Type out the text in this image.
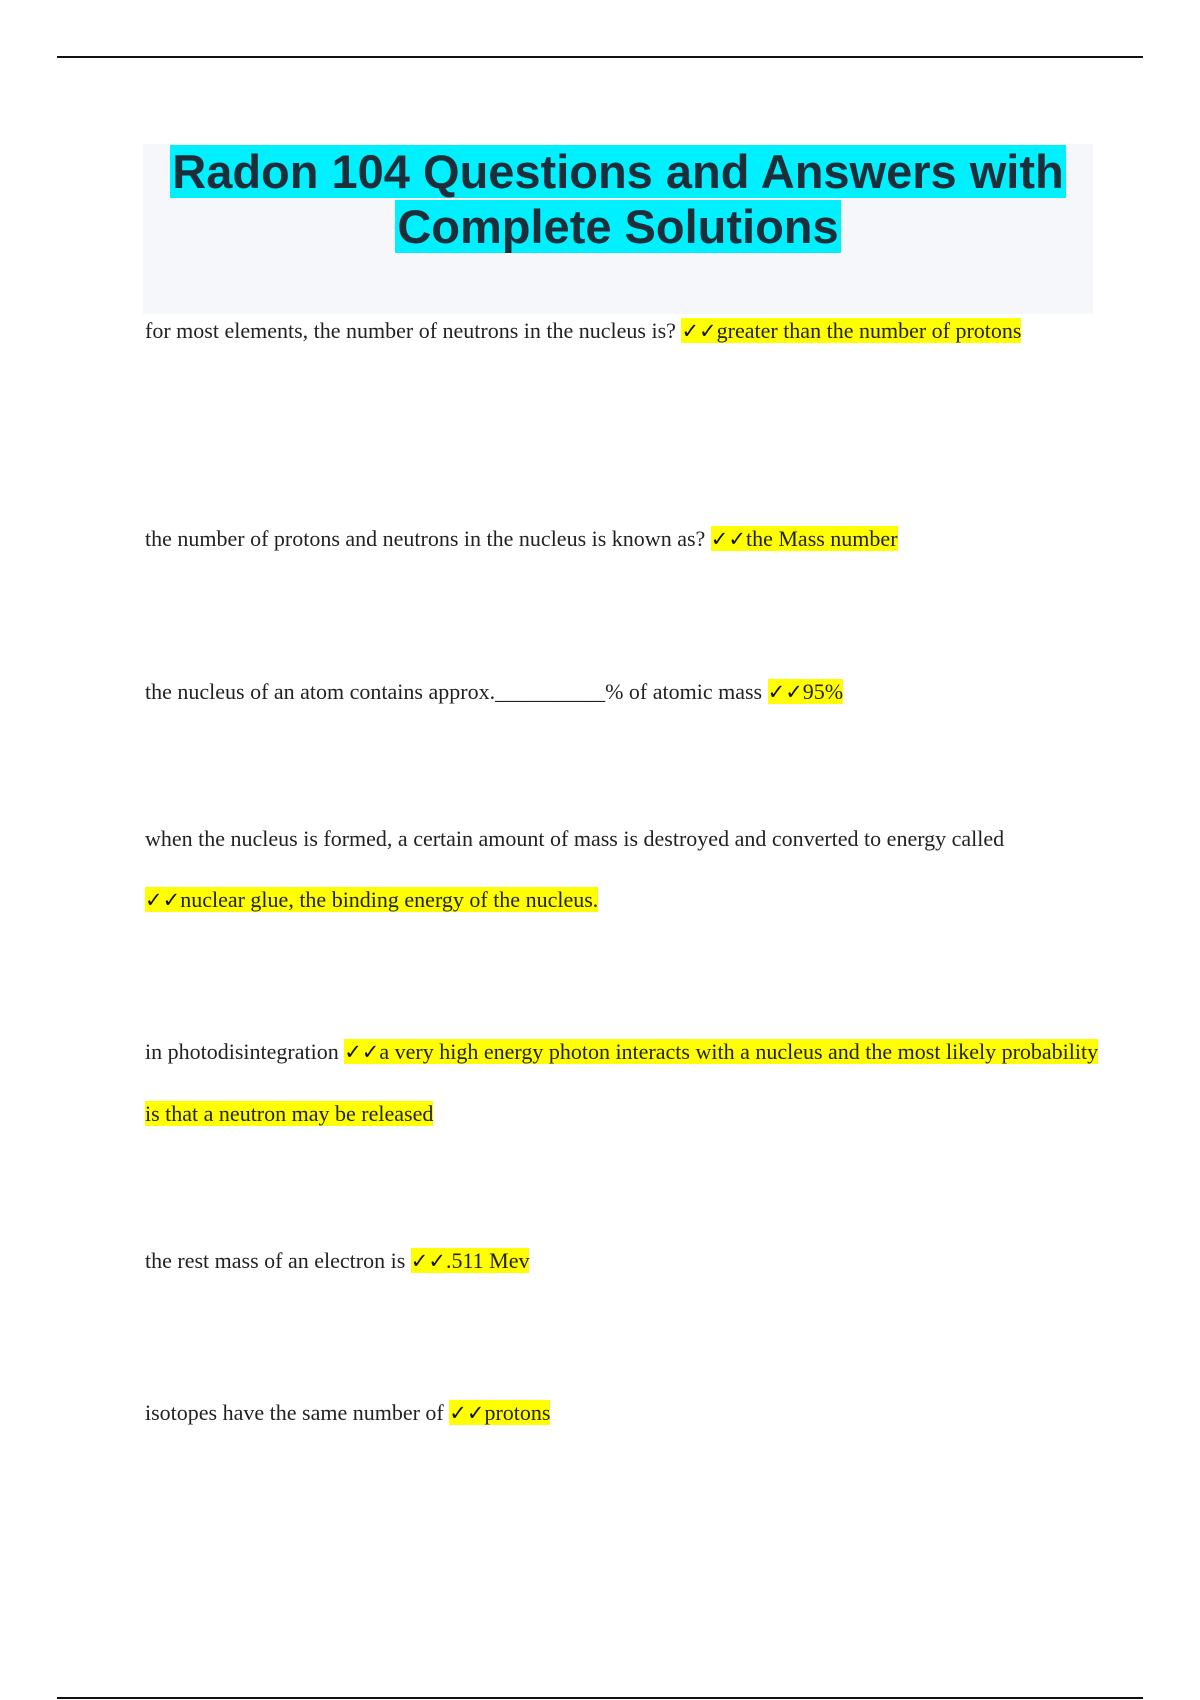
Radon 104 Questions and Answers with
Complete Solutions

for most elements, the number of neutrons in the nucleus is? ✓✓greater than the number of protons

the number of protons and neutrons in the nucleus is known as? ✓✓the Mass number

the nucleus of an atom contains approx.__________% of atomic mass ✓✓95%

when the nucleus is formed, a certain amount of mass is destroyed and converted to energy called ✓✓nuclear glue, the binding energy of the nucleus.

in photodisintegration ✓✓a very high energy photon interacts with a nucleus and the most likely probability is that a neutron may be released

the rest mass of an electron is ✓✓.511 Mev

isotopes have the same number of ✓✓protons
